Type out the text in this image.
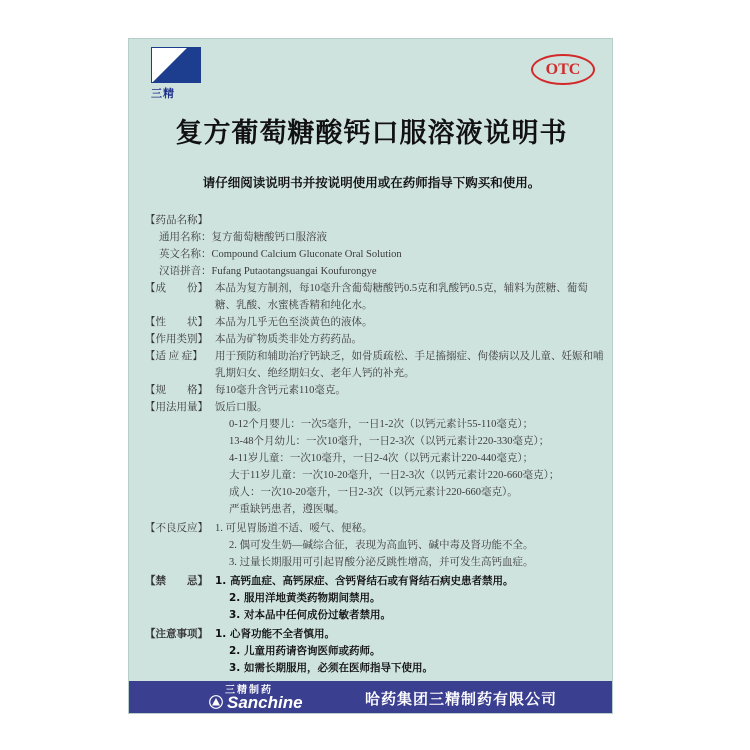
三精
OTC
复方葡萄糖酸钙口服溶液说明书
请仔细阅读说明书并按说明使用或在药师指导下购买和使用。
【药品名称】
通用名称：复方葡萄糖酸钙口服溶液
英文名称：Compound Calcium Gluconate Oral Solution
汉语拼音：Fufang Putaotangsuangai Koufurongye
【成　　份】 本品为复方制剂，每10毫升含葡萄糖酸钙0.5克和乳酸钙0.5克，辅料为蔗糖、葡萄糖、乳酸、水蜜桃香精和纯化水。
【性　　状】 本品为几乎无色至淡黄色的液体。
【作用类别】 本品为矿物质类非处方药药品。
【适 应 症】	用于预防和辅助治疗钙缺乏，如骨质疏松、手足搐搦症、佝偻病以及儿童、妊娠和哺乳期妇女、绝经期妇女、老年人钙的补充。
【规　　格】 每10毫升含钙元素110毫克。
【用法用量】 饭后口服。
0-12个月婴儿：一次5毫升，一日1-2次（以钙元素计55-110毫克）；
13-48个月幼儿：一次10毫升，一日2-3次（以钙元素计220-330毫克）；
4-11岁儿童：一次10毫升，一日2-4次（以钙元素计220-440毫克）；
大于11岁儿童：一次10-20毫升，一日2-3次（以钙元素计220-660毫克）；
成人：一次10-20毫升，一日2-3次（以钙元素计220-660毫克）。
严重缺钙患者，遵医嘱。
【不良反应】 1. 可见胃肠道不适、嗳气、便秘。
2. 偶可发生奶—碱综合征，表现为高血钙、碱中毒及肾功能不全。
3. 过量长期服用可引起胃酸分泌反跳性增高，并可发生高钙血症。
【禁　　忌】 1. 高钙血症、高钙尿症、含钙肾结石或有肾结石病史患者禁用。
2. 服用洋地黄类药物期间禁用。
3. 对本品中任何成份过敏者禁用。
【注意事项】 1. 心肾功能不全者慎用。
2. 儿童用药请咨询医师或药师。
3. 如需长期服用，必须在医师指导下使用。
三精制药
Sanchine	哈药集团三精制药有限公司
